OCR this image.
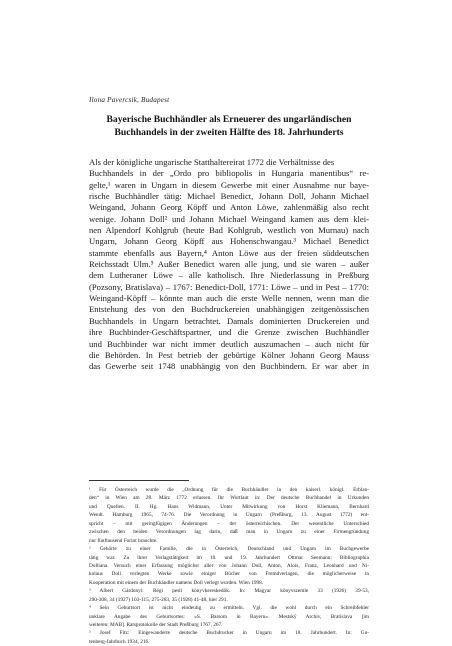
Ilona Pavercsik, Budapest
Bayerische Buchhändler als Erneuerer des ungarländischen
Buchhandels in der zweiten Hälfte des 18. Jahrhunderts
Als der königliche ungarische Statthaltereirat 1772 die Verhältnisse des
Buchhandels in der „Ordo pro bibliopolis in Hungaria manentibus“ re-
gelte,¹ waren in Ungarn in diesem Gewerbe mit einer Ausnahme nur baye-
rische Buchhändler tätig: Michael Benedict, Johann Doll, Johann Michael
Weingand, Johann Georg Köpff und Anton Löwe, zahlenmäßig also recht
wenige. Johann Doll² und Johann Michael Weingand kamen aus dem klei-
nen Alpendorf Kohlgrub (heute Bad Kohlgrub, westlich von Murnau) nach
Ungarn, Johann Georg Köpff aus Hohenschwangau.³ Michael Benedict
stammte ebenfalls aus Bayern,⁴ Anton Löwe aus der freien süddeutschen
Reichsstadt Ulm.⁵ Außer Benedict waren alle jung, und sie waren – außer
dem Lutheraner Löwe – alle katholisch. Ihre Niederlassung in Preßburg
(Pozsony, Bratislava) – 1767: Benedict-Doll, 1771: Löwe – und in Pest – 1770:
Weingand-Köpff – könnte man auch die erste Welle nennen, wenn man die
Entstehung des von den Buchdruckereien unabhängigen zeitgenössischen
Buchhandels in Ungarn betrachtet. Damals dominierten Druckereien und
ihre Buchbinder-Geschäftspartner, und die Grenze zwischen Buchhändler
und Buchbinder war nicht immer deutlich auszumachen – auch nicht für
die Behörden. In Pest betrieb der gebürtige Kölner Johann Georg Mauss
das Gewerbe seit 1748 unabhängig von den Buchbindern. Er war aber in
¹ Für Österreich wurde die „Ordnung für die Buchhändler in den kaiserl. königl. Erblan-
den“ in Wien am 28. März 1772 erlassen. Ihr Wortlaut in: Der deutsche Buchhandel in Urkunden
und Quellen. II. Hg. Hans Widmann, Unter Mitwirkung von Horst Kliemann, Bernhard
Wendt. Hamburg 1965, 74-76. Die Verordnung in Ungarn (Preßburg, 13. August 1772) ent-
spricht – mit geringfügigen Änderungen – der österreichischen. Der wesentliche Unterschied
zwischen den beiden Verordnungen lag darin, daß man in Ungarn zu einer Firmengründung
nur fünftausend Forint brauchte.
² Gehörte zu einer Familie, die in Österreich, Deutschland und Ungarn im Buchgewerbe
tätig war. Zu ihrer Verlagstätigkeit im 18. und 19. Jahrhundert Ottmar Seemann: Bibliographia
Dolliana. Versuch einer Erfassung möglichst aller von Johann Doll, Anton, Alois, Franz, Leonhard und Ni-
kolaus Doll verlegten Werke sowie einiger Bücher von Fremdverlagen, die möglicherweise in
Kooperation mit einem der Buchhändler namens Doll verlegt wurden. Wien 1998.
³ Albert Gárdonyi: Régi pesti könyvkereskedők. In: Magyar könyvszemle 33 (1926) 39-53,
290-308, 34 (1927) 103-115, 275-283, 35 (1928) 41-48, hier 291.
⁴ Sein Geburtsort ist nicht eindeutig zu ermitteln. Vgl. die wohl durch ein Schreibfehler
unklare Angabe des Geburtsortes: »S. Barsom in Bayern«. Mestský Archív, Bratislava [im
weiteren: MAB]. Ratsprotokolle der Stadt Preßburg 1767, 267.
⁵ Josef Fitz: Eingewanderte deutsche Buchdrucker in Ungarn im 18. Jahrhundert. In: Gu-
tenberg-Jahrbuch 1934, 216.
